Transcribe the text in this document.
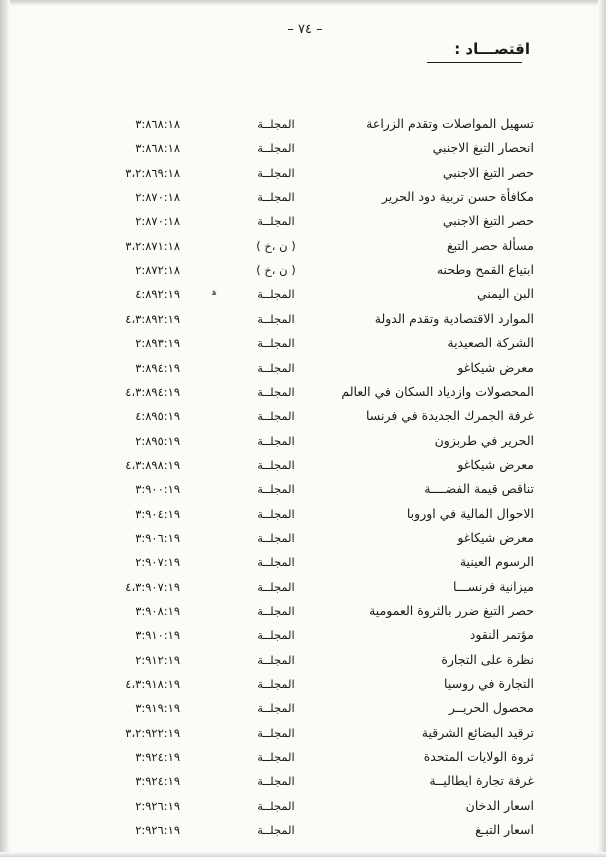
– ٧٤ –
اقتصـــاد :
ﻫ
تسهيل المواصلات وتقدم الزراعة
المجلــة
٣:٨٦٨:١٨
انحصار التبغ الاجنبي
المجلــة
٣:٨٦٨:١٨
حصر التبغ الاجنبي
المجلــة
٣،٢:٨٦٩:١٨
مكافأة حسن تربية دود الحرير
المجلــة
٢:٨٧٠:١٨
حصر التبغ الاجنبي
المجلــة
٢:٨٧٠:١٨
مسألة حصر التبغ
( ن ،خ )
٣،٢:٨٧١:١٨
ابتياع القمح وطحنه
( ن ،خ )
٢:٨٧٢:١٨
البن اليمني
المجلــة
٤:٨٩٢:١٩
الموارد الاقتصادية وتقدم الدولة
المجلــة
٤،٣:٨٩٢:١٩
الشركة الصعيدية
المجلــة
٢:٨٩٣:١٩
معرض شيكاغو
المجلــة
٣:٨٩٤:١٩
المحصولات وازدياد السكان في العالم
المجلــة
٤،٣:٨٩٤:١٩
غرفة الجمرك الجديدة في فرنسا
المجلــة
٤:٨٩٥:١٩
الحرير في طربزون
المجلــة
٢:٨٩٥:١٩
معرض شيكاغو
المجلــة
٤،٣:٨٩٨:١٩
تناقص قيمة الفضــــة
المجلــة
٣:٩٠٠:١٩
الاحوال المالية في اوروبا
المجلــة
٣:٩٠٤:١٩
معرض شيكاغو
المجلــة
٣:٩٠٦:١٩
الرسوم العينية
المجلــة
٢:٩٠٧:١٩
ميزانية فرنســـا
المجلــة
٤،٣:٩٠٧:١٩
حصر التبغ ضرر بالثروة العمومية
المجلــة
٣:٩٠٨:١٩
مؤتمر النقود
المجلــة
٣:٩١٠:١٩
نظرة على التجارة
المجلــة
٢:٩١٢:١٩
التجارة في روسيا
المجلــة
٤،٣:٩١٨:١٩
محصول الحريــر
المجلــة
٣:٩١٩:١٩
ترقيد البضائع الشرقية
المجلــة
٣،٢:٩٢٢:١٩
ثروة الولايات المتحدة
المجلــة
٣:٩٢٤:١٩
غرفة تجارة ايطاليــة
المجلــة
٣:٩٢٤:١٩
اسعار الدخان
المجلــة
٢:٩٢٦:١٩
اسعار التبـغ
المجلــة
٢:٩٢٦:١٩
